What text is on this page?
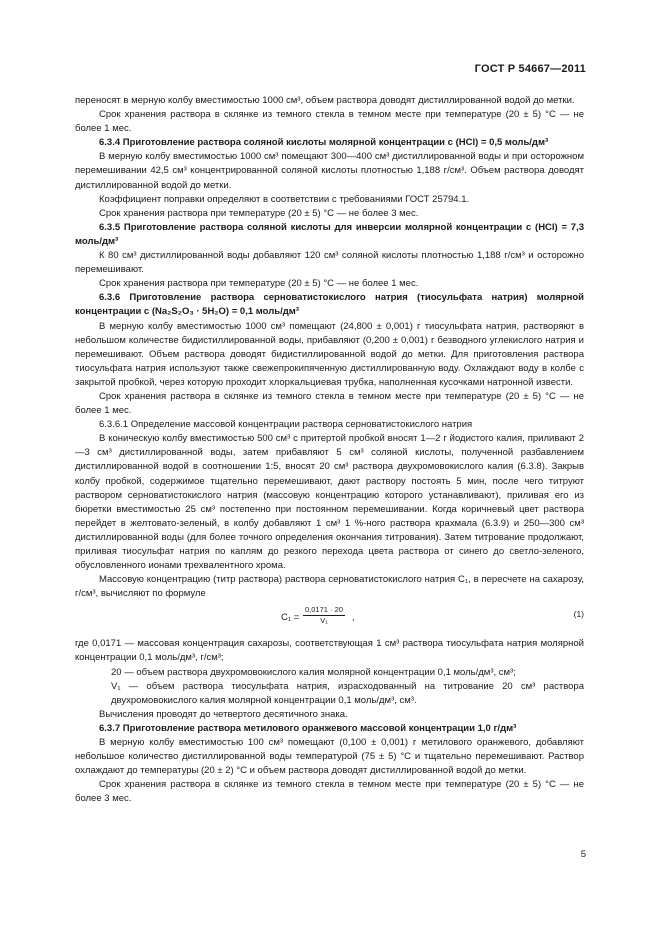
ГОСТ Р 54667—2011

переносят в мерную колбу вместимостью 1000 см³, объем раствора доводят дистиллированной водой до метки.

Срок хранения раствора в склянке из темного стекла в темном месте при температуре (20 ± 5) °С — не более 1 мес.

6.3.4 Приготовление раствора соляной кислоты молярной концентрации c (HCl) = 0,5 моль/дм³

В мерную колбу вместимостью 1000 см³ помещают 300—400 см³ дистиллированной воды и при осторожном перемешивании 42,5 см³ концентрированной соляной кислоты плотностью 1,188 г/см³. Объем раствора доводят дистиллированной водой до метки.

Коэффициент поправки определяют в соответствии с требованиями ГОСТ 25794.1.

Срок хранения раствора при температуре (20 ± 5) °С — не более 3 мес.

6.3.5 Приготовление раствора соляной кислоты для инверсии молярной концентрации c (HCl) = 7,3 моль/дм³

К 80 см³ дистиллированной воды добавляют 120 см³ соляной кислоты плотностью 1,188 г/см³ и осторожно перемешивают.

Срок хранения раствора при температуре (20 ± 5) °С — не более 1 мес.

6.3.6 Приготовление раствора серноватистокислого натрия (тиосульфата натрия) молярной концентрации c (Na₂S₂O₃ · 5H₂O) = 0,1 моль/дм³

В мерную колбу вместимостью 1000 см³ помещают (24,800 ± 0,001) г тиосульфата натрия, растворяют в небольшом количестве бидистиллированной воды, прибавляют (0,200 ± 0,001) г безводного углекислого натрия и перемешивают. Объем раствора доводят бидистиллированной водой до метки. Для приготовления раствора тиосульфата натрия используют также свежепрокипяченную дистиллированную воду. Охлаждают воду в колбе с закрытой пробкой, через которую проходит хлоркальциевая трубка, наполненная кусочками натронной извести.

Срок хранения раствора в склянке из темного стекла в темном месте при температуре (20 ± 5) °С — не более 1 мес.

6.3.6.1 Определение массовой концентрации раствора серноватистокислого натрия

В коническую колбу вместимостью 500 см³ с притертой пробкой вносят 1—2 г йодистого калия, приливают 2—3 см³ дистиллированной воды, затем прибавляют 5 см³ соляной кислоты, полученной разбавлением дистиллированной водой в соотношении 1:5, вносят 20 см³ раствора двухромовокислого калия (6.3.8). Закрыв колбу пробкой, содержимое тщательно перемешивают, дают раствору постоять 5 мин, после чего титруют раствором серноватистокислого натрия (массовую концентрацию которого устанавливают), приливая его из бюретки вместимостью 25 см³ постепенно при постоянном перемешивании. Когда коричневый цвет раствора перейдет в желтовато-зеленый, в колбу добавляют 1 см³ 1 %-ного раствора крахмала (6.3.9) и 250—300 см³ дистиллированной воды (для более точного определения окончания титрования). Затем титрование продолжают, приливая тиосульфат натрия по каплям до резкого перехода цвета раствора от синего до светло-зеленого, обусловленного ионами трехвалентного хрома.

Массовую концентрацию (титр раствора) раствора серноватистокислого натрия C₁, в пересчете на сахарозу, г/см³, вычисляют по формуле

$C_1 = \frac{0,0171 \cdot 20}{\text{V₁}}$ ,	(1)

где 0,0171 — массовая концентрация сахарозы, соответствующая 1 см³ раствора тиосульфата натрия молярной концентрации 0,1 моль/дм³, г/см³;

20 — объем раствора двухромовокислого калия молярной концентрации 0,1 моль/дм³, см³;

V₁ — объем раствора тиосульфата натрия, израсходованный на титрование 20 см³ раствора двухромовокислого калия молярной концентрации 0,1 моль/дм³, см³.

Вычисления проводят до четвертого десятичного знака.

6.3.7 Приготовление раствора метилового оранжевого массовой концентрации 1,0 г/дм³

В мерную колбу вместимостью 100 см³ помещают (0,100 ± 0,001) г метилового оранжевого, добавляют небольшое количество дистиллированной воды температурой (75 ± 5) °С и тщательно перемешивают. Раствор охлаждают до температуры (20 ± 2) °С и объем раствора доводят дистиллированной водой до метки.

Срок хранения раствора в склянке из темного стекла в темном месте при температуре (20 ± 5) °С — не более 3 мес.

5
